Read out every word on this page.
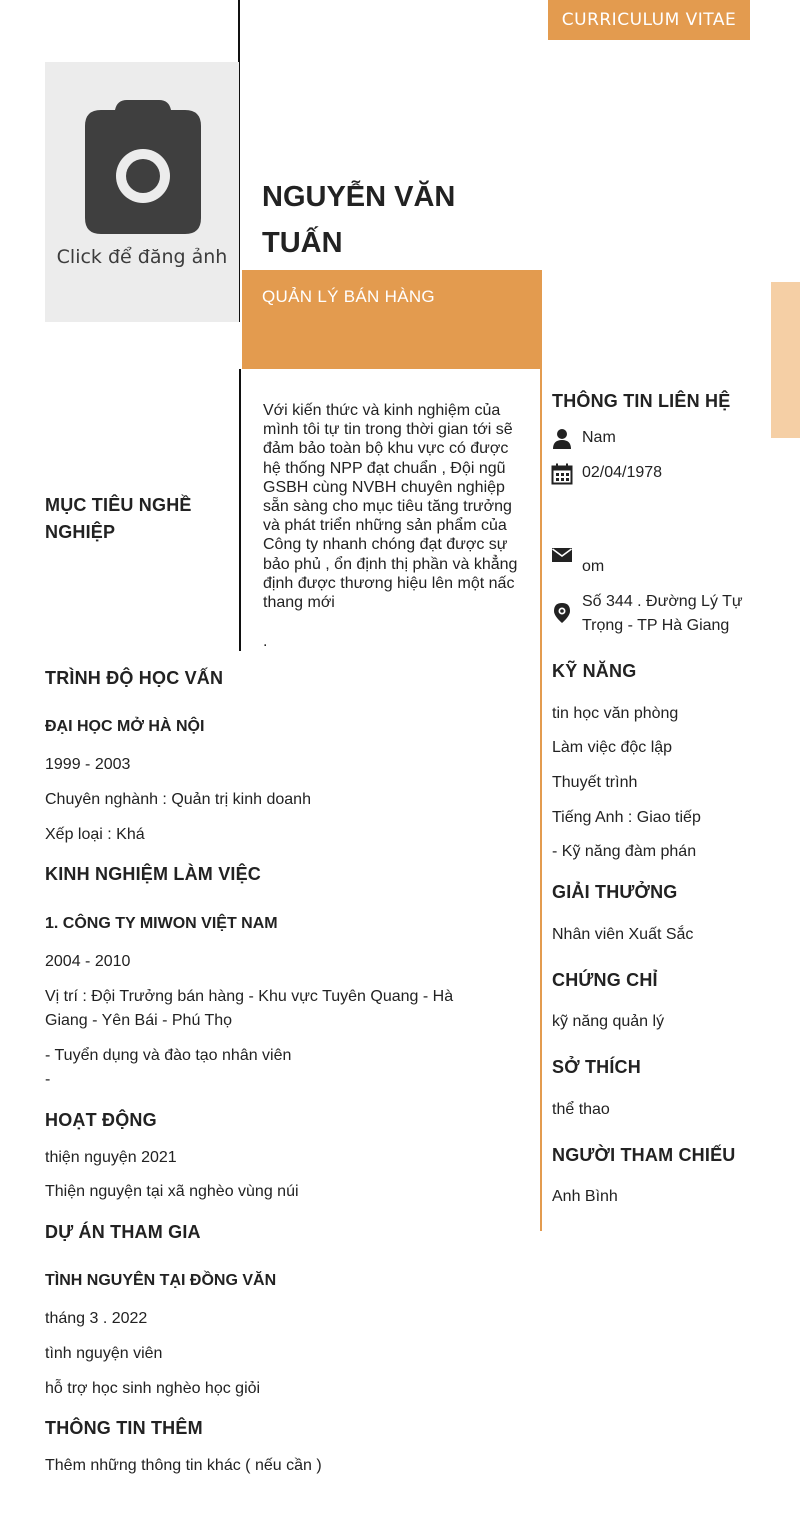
CURRICULUM VITAE
Click để đăng ảnh
NGUYỄN VĂN
TUẤN
QUẢN LÝ BÁN HÀNG
MỤC TIÊU NGHỀ
NGHIỆP
Với kiến thức và kinh nghiệm của mình tôi tự tin trong thời gian tới sẽ đảm bảo toàn bộ khu vực có được hệ thống NPP đạt chuẩn , Đội ngũ GSBH cùng NVBH chuyên nghiệp sẵn sàng cho mục tiêu tăng trưởng và phát triển những sản phẩm của Công ty nhanh chóng đạt được sự bảo phủ , ổn định thị phần và khẳng định được thương hiệu lên một nấc thang mới
.
TRÌNH ĐỘ HỌC VẤN
ĐẠI HỌC MỞ HÀ NỘI
1999 - 2003
Chuyên nghành : Quản trị kinh doanh
Xếp loại : Khá
KINH NGHIỆM LÀM VIỆC
1. CÔNG TY MIWON VIỆT NAM
2004 - 2010
Vị trí : Đội Trưởng bán hàng - Khu vực Tuyên Quang - Hà
Giang - Yên Bái - Phú Thọ
- Tuyển dụng và đào tạo nhân viên
-
HOẠT ĐỘNG
thiện nguyện 2021
Thiện nguyện tại xã nghèo vùng núi
DỰ ÁN THAM GIA
TÌNH NGUYÊN TẠI ĐỒNG VĂN
tháng 3 . 2022
tình nguyện viên
hỗ trợ học sinh nghèo học giỏi
THÔNG TIN THÊM
Thêm những thông tin khác ( nếu cần )
THÔNG TIN LIÊN HỆ
Nam
02/04/1978
om
Số 344 . Đường Lý Tự
Trọng - TP Hà Giang
KỸ NĂNG
tin học văn phòng
Làm việc độc lập
Thuyết trình
Tiếng Anh : Giao tiếp
- Kỹ năng đàm phán
GIẢI THƯỞNG
Nhân viên Xuất Sắc
CHỨNG CHỈ
kỹ năng quản lý
SỞ THÍCH
thể thao
NGƯỜI THAM CHIẾU
Anh Bình
